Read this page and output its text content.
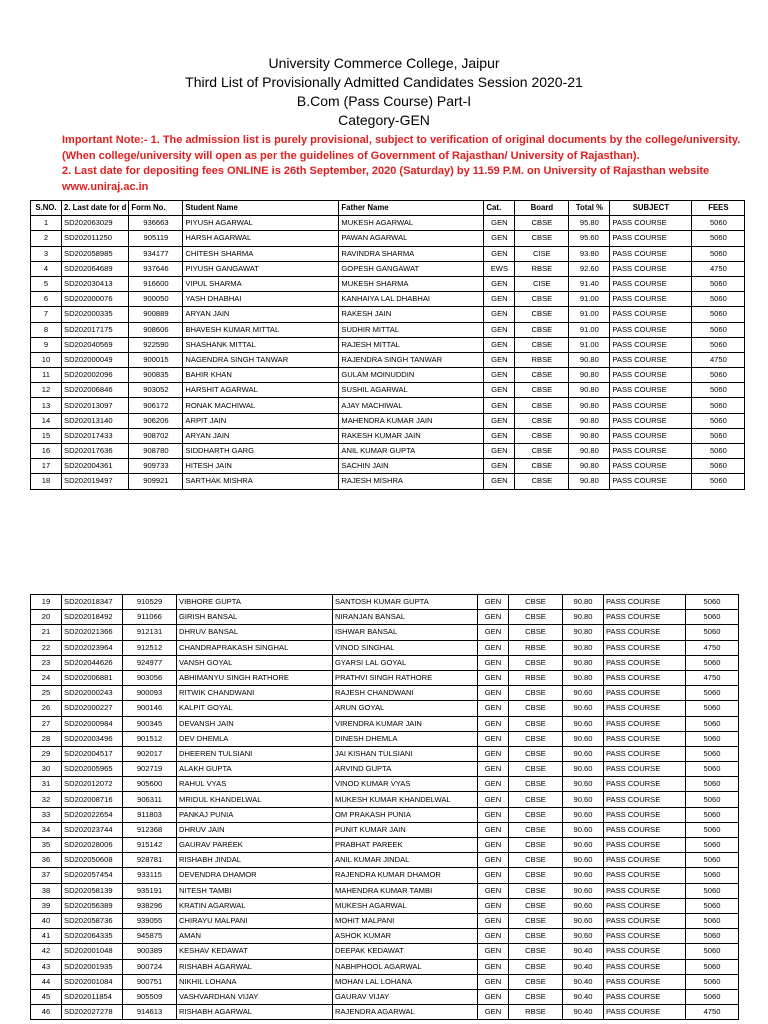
University Commerce College, Jaipur
Third List of Provisionally Admitted Candidates Session 2020-21
B.Com (Pass Course) Part-I
Category-GEN
Important Note:- 1. The admission list is purely provisional, subject to verification of original documents by the college/university.
(When college/university will open as per the guidelines of Government of Rajasthan/ University of Rajasthan).
2. Last date for depositing fees ONLINE is 26th September, 2020 (Saturday) by 11.59 P.M. on University of Rajasthan website
www.uniraj.ac.in
S.NO.	2. Last date for d	Form No.	Student Name	Father Name	Cat.	Board	Total %	SUBJECT	FEES
1	SD202063029	936663	PIYUSH AGARWAL	MUKESH AGARWAL	GEN	CBSE	95.80	PASS COURSE	5060
2	SD202011250	905119	HARSH AGARWAL	PAWAN AGARWAL	GEN	CBSE	95.60	PASS COURSE	5060
3	SD202058985	934177	CHITESH SHARMA	RAVINDRA SHARMA	GEN	CISE	93.80	PASS COURSE	5060
4	SD202064689	937646	PIYUSH GANGAWAT	GOPESH GANGAWAT	EWS	RBSE	92.60	PASS COURSE	4750
5	SD202030413	916600	VIPUL SHARMA	MUKESH SHARMA	GEN	CISE	91.40	PASS COURSE	5060
6	SD202000076	900050	YASH DHABHAI	KANHAIYA LAL DHABHAI	GEN	CBSE	91.00	PASS COURSE	5060
7	SD202000335	900889	ARYAN JAIN	RAKESH JAIN	GEN	CBSE	91.00	PASS COURSE	5060
8	SD202017175	908606	BHAVESH KUMAR MITTAL	SUDHIR MITTAL	GEN	CBSE	91.00	PASS COURSE	5060
9	SD202040569	922590	SHASHANK MITTAL	RAJESH MITTAL	GEN	CBSE	91.00	PASS COURSE	5060
10	SD202000049	900015	NAGENDRA SINGH TANWAR	RAJENDRA SINGH TANWAR	GEN	RBSE	90.80	PASS COURSE	4750
11	SD202002096	900835	BAHIR KHAN	GULAM MOINUDDIN	GEN	CBSE	90.80	PASS COURSE	5060
12	SD202006846	903052	HARSHIT AGARWAL	SUSHIL AGARWAL	GEN	CBSE	90.80	PASS COURSE	5060
13	SD202013097	906172	RONAK MACHIWAL	AJAY MACHIWAL	GEN	CBSE	90.80	PASS COURSE	5060
14	SD202013140	906206	ARPIT JAIN	MAHENDRA KUMAR JAIN	GEN	CBSE	90.80	PASS COURSE	5060
15	SD202017433	908702	ARYAN JAIN	RAKESH KUMAR JAIN	GEN	CBSE	90.80	PASS COURSE	5060
16	SD202017636	908780	SIDDHARTH GARG	ANIL KUMAR GUPTA	GEN	CBSE	90.80	PASS COURSE	5060
17	SD202004361	909733	HITESH JAIN	SACHIN JAIN	GEN	CBSE	90.80	PASS COURSE	5060
18	SD202019497	909921	SARTHAK MISHRA	RAJESH MISHRA	GEN	CBSE	90.80	PASS COURSE	5060
19	SD202018347	910529	VIBHORE GUPTA	SANTOSH KUMAR GUPTA	GEN	CBSE	90.80	PASS COURSE	5060
20	SD202018492	911066	GIRISH BANSAL	NIRANJAN BANSAL	GEN	CBSE	90.80	PASS COURSE	5060
21	SD202021366	912131	DHRUV BANSAL	ISHWAR BANSAL	GEN	CBSE	90.80	PASS COURSE	5060
22	SD202023964	912512	CHANDRAPRAKASH SINGHAL	VINOD SINGHAL	GEN	RBSE	90.80	PASS COURSE	4750
23	SD202044626	924977	VANSH GOYAL	GYARSI LAL GOYAL	GEN	CBSE	90.80	PASS COURSE	5060
24	SD202006881	903056	ABHIMANYU SINGH RATHORE	PRATHVI SINGH RATHORE	GEN	RBSE	90.80	PASS COURSE	4750
25	SD202000243	900093	RITWIK CHANDWANI	RAJESH CHANDWANI	GEN	CBSE	90.60	PASS COURSE	5060
26	SD202000227	900146	KALPIT GOYAL	ARUN GOYAL	GEN	CBSE	90.60	PASS COURSE	5060
27	SD202000984	900345	DEVANSH JAIN	VIRENDRA KUMAR JAIN	GEN	CBSE	90.60	PASS COURSE	5060
28	SD202003496	901512	DEV DHEMLA	DINESH DHEMLA	GEN	CBSE	90.60	PASS COURSE	5060
29	SD202004517	902017	DHEEREN TULSIANI	JAI KISHAN TULSIANI	GEN	CBSE	90.60	PASS COURSE	5060
30	SD202005965	902719	ALAKH GUPTA	ARVIND GUPTA	GEN	CBSE	90.60	PASS COURSE	5060
31	SD202012072	905600	RAHUL VYAS	VINOD KUMAR VYAS	GEN	CBSE	90.60	PASS COURSE	5060
32	SD202008716	906311	MRIDUL KHANDELWAL	MUKESH KUMAR KHANDELWAL	GEN	CBSE	90.60	PASS COURSE	5060
33	SD202022654	911803	PANKAJ PUNIA	OM PRAKASH PUNIA	GEN	CBSE	90.60	PASS COURSE	5060
34	SD202023744	912368	DHRUV JAIN	PUNIT KUMAR JAIN	GEN	CBSE	90.60	PASS COURSE	5060
35	SD202028006	915142	GAURAV PAREEK	PRABHAT PAREEK	GEN	CBSE	90.60	PASS COURSE	5060
36	SD202050608	928781	RISHABH JINDAL	ANIL KUMAR JINDAL	GEN	CBSE	90.60	PASS COURSE	5060
37	SD202057454	933115	DEVENDRA DHAMOR	RAJENDRA KUMAR DHAMOR	GEN	CBSE	90.60	PASS COURSE	5060
38	SD202058139	935191	NITESH TAMBI	MAHENDRA KUMAR TAMBI	GEN	CBSE	90.60	PASS COURSE	5060
39	SD202056389	938296	KRATIN AGARWAL	MUKESH AGARWAL	GEN	CBSE	90.60	PASS COURSE	5060
40	SD202058736	939055	CHIRAYU MALPANI	MOHIT MALPANI	GEN	CBSE	90.60	PASS COURSE	5060
41	SD202064335	945875	AMAN	ASHOK KUMAR	GEN	CBSE	90.60	PASS COURSE	5060
42	SD202001048	900389	KESHAV KEDAWAT	DEEPAK KEDAWAT	GEN	CBSE	90.40	PASS COURSE	5060
43	SD202001935	900724	RISHABH AGARWAL	NABHPHOOL AGARWAL	GEN	CBSE	90.40	PASS COURSE	5060
44	SD202001084	900751	NIKHIL LOHANA	MOHAN LAL LOHANA	GEN	CBSE	90.40	PASS COURSE	5060
45	SD202011854	905509	VASHVARDHAN VIJAY	GAURAV VIJAY	GEN	CBSE	90.40	PASS COURSE	5060
46	SD202027278	914613	RISHABH AGARWAL	RAJENDRA AGARWAL	GEN	RBSE	90.40	PASS COURSE	4750
